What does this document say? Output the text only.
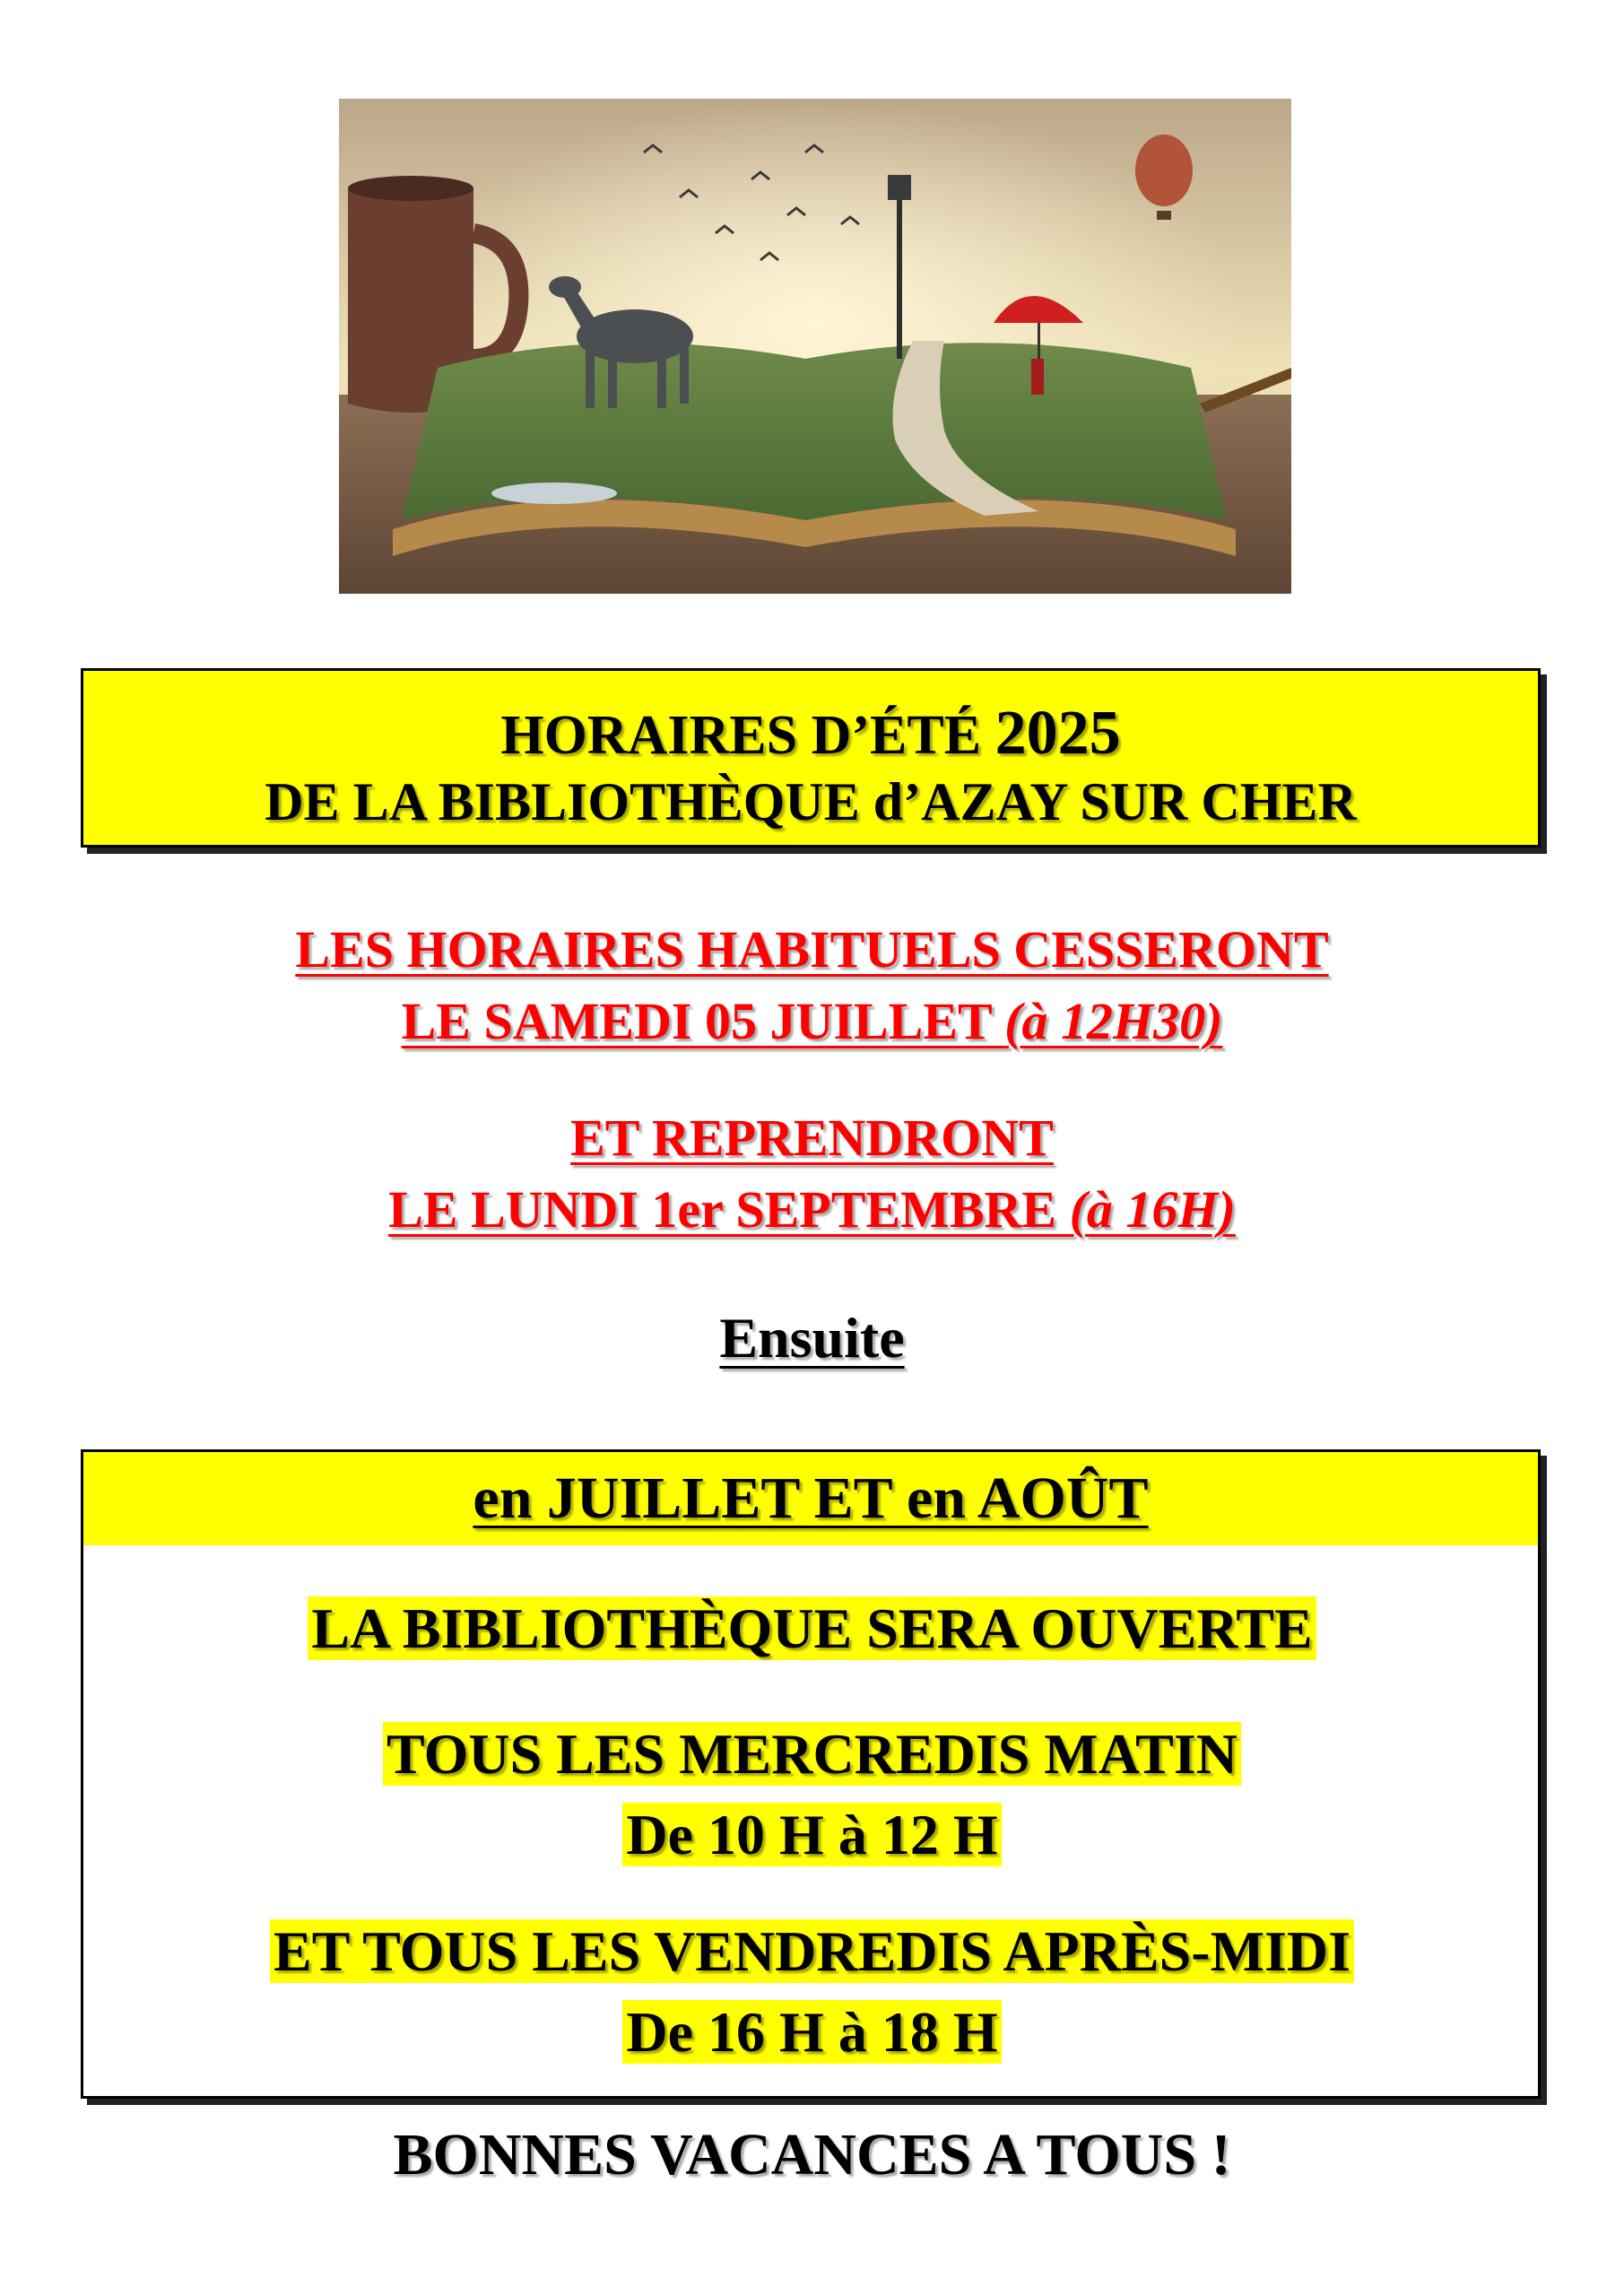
HORAIRES D’ÉTÉ 2025
DE LA BIBLIOTHÈQUE d’AZAY SUR CHER
LES HORAIRES HABITUELS CESSERONT
LE SAMEDI 05 JUILLET (à 12H30)
ET REPRENDRONT
LE LUNDI 1er SEPTEMBRE (à 16H)
Ensuite
en JUILLET ET en AOÛT
LA BIBLIOTHÈQUE SERA OUVERTE
TOUS LES MERCREDIS MATIN
De 10 H à 12 H
ET TOUS LES VENDREDIS APRÈS-MIDI
De 16 H à 18 H
BONNES VACANCES A TOUS !
